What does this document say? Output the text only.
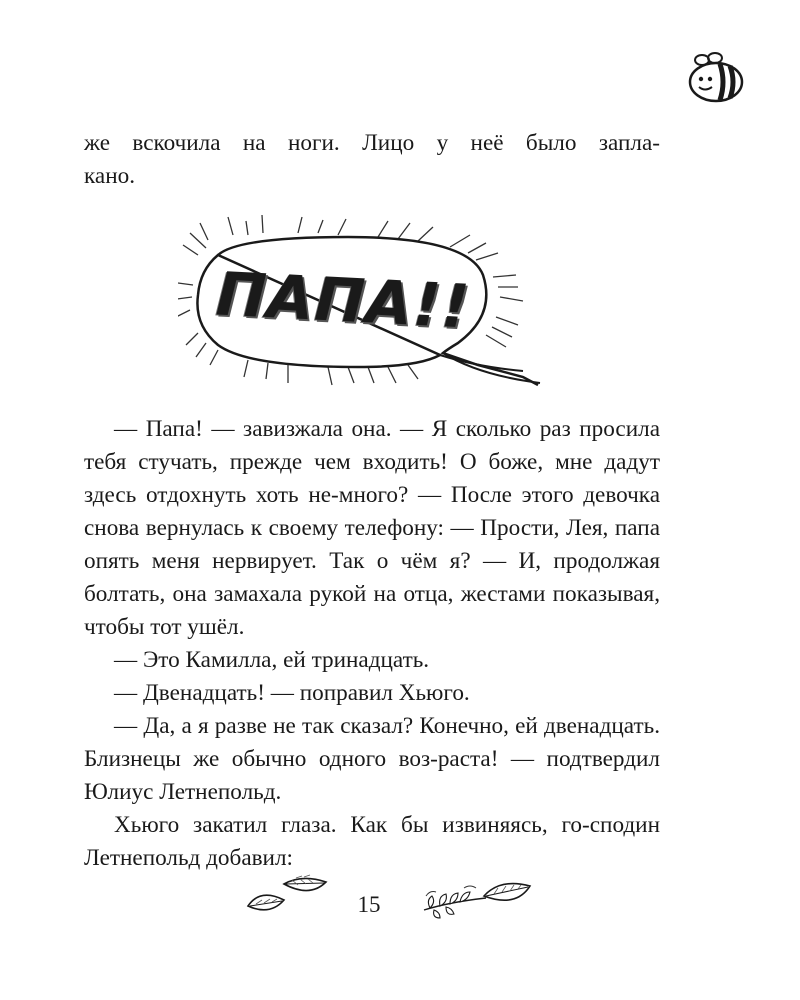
же вскочила на ноги. Лицо у неё было запла-

кано.

ПАПА!!

— Папа! — завизжала она. — Я сколько раз просила тебя стучать, прежде чем входить! О боже, мне дадут здесь отдохнуть хоть не-много? — После этого девочка снова вернулась к своему телефону: — Прости, Лея, папа опять меня нервирует. Так о чём я? — И, продолжая болтать, она замахала рукой на отца, жестами показывая, чтобы тот ушёл.

— Это Камилла, ей тринадцать.

— Двенадцать! — поправил Хьюго.

— Да, а я разве не так сказал? Конечно, ей двенадцать. Близнецы же обычно одного воз-раста! — подтвердил Юлиус Летнепольд.

Хьюго закатил глаза. Как бы извиняясь, го-сподин Летнепольд добавил:

15
